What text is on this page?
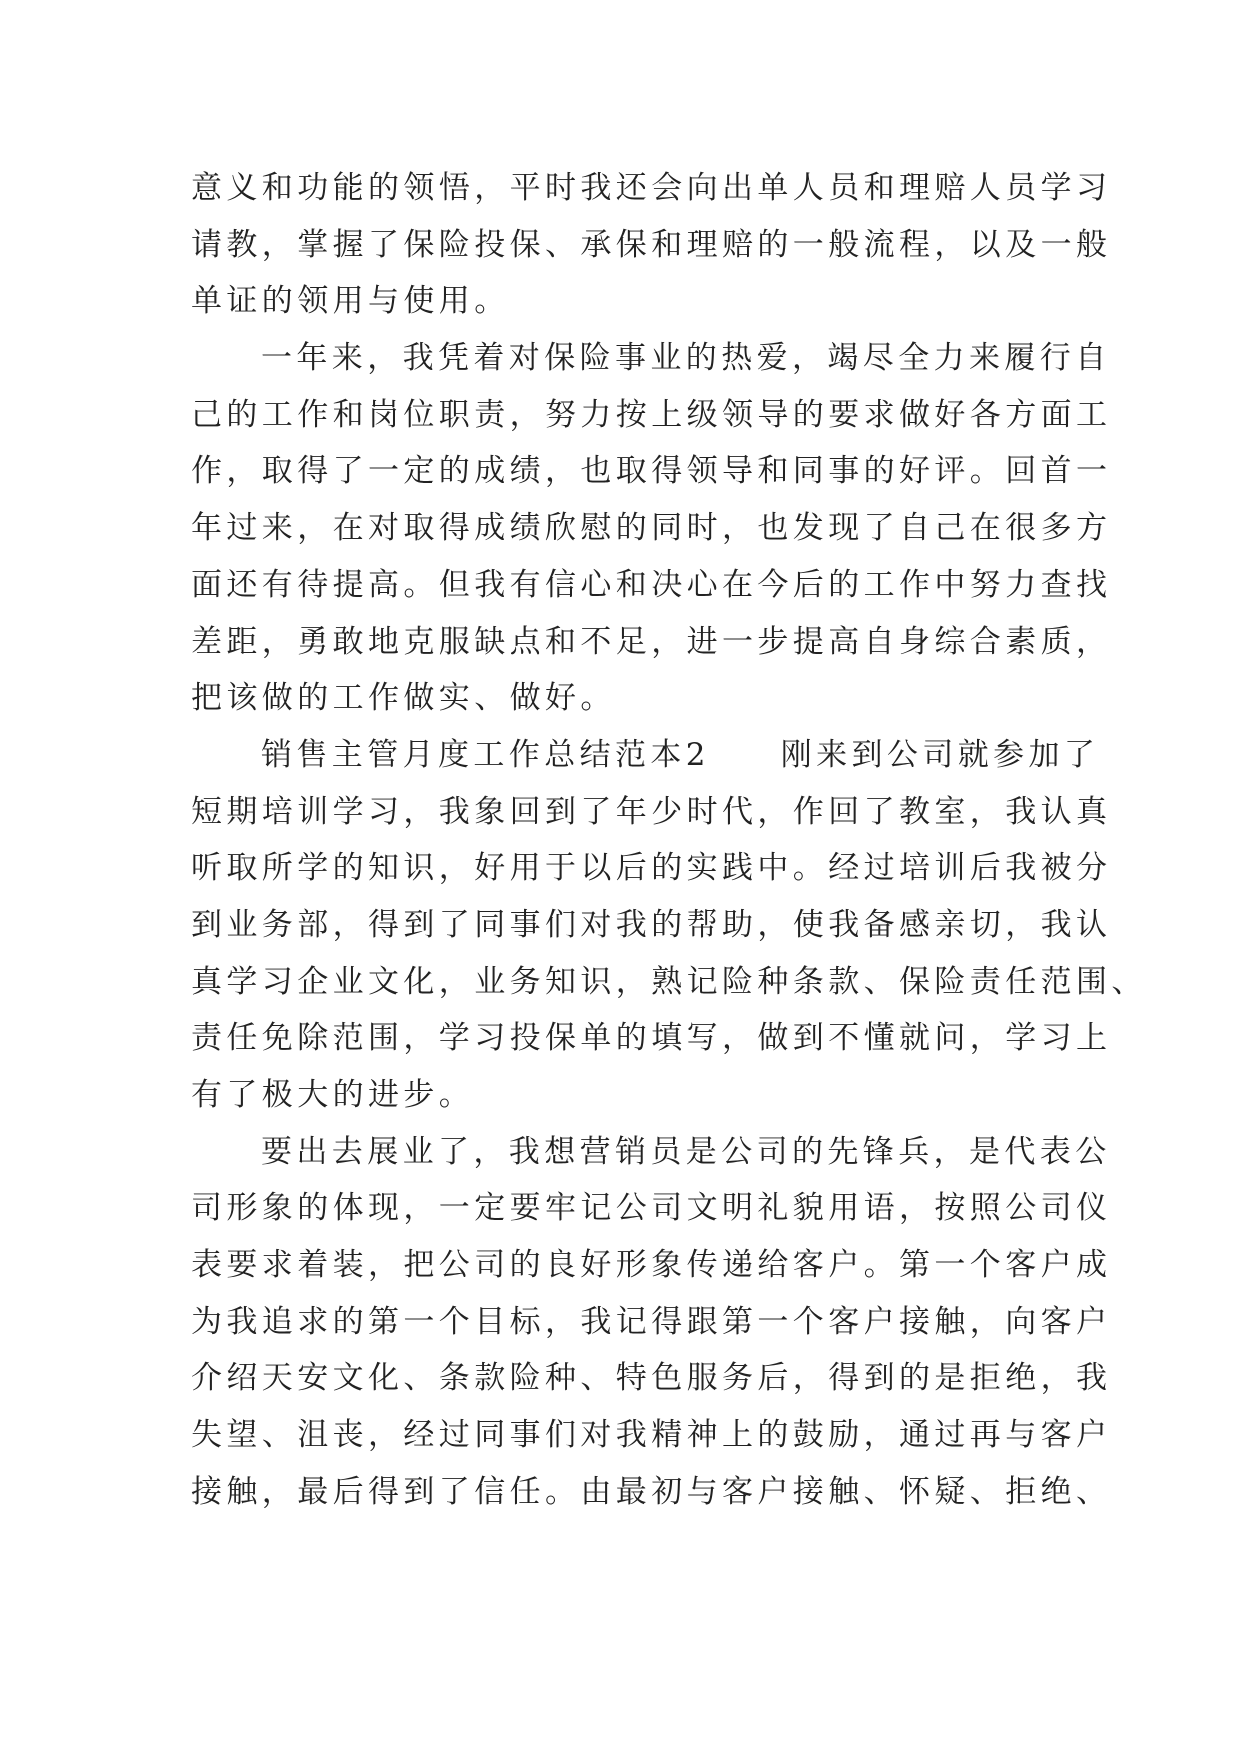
意义和功能的领悟，平时我还会向出单人员和理赔人员学习
请教，掌握了保险投保、承保和理赔的一般流程，以及一般
单证的领用与使用。
一年来，我凭着对保险事业的热爱，竭尽全力来履行自
己的工作和岗位职责，努力按上级领导的要求做好各方面工
作，取得了一定的成绩，也取得领导和同事的好评。回首一
年过来，在对取得成绩欣慰的同时，也发现了自己在很多方
面还有待提高。但我有信心和决心在今后的工作中努力查找
差距，勇敢地克服缺点和不足，进一步提高自身综合素质，
把该做的工作做实、做好。
销售主管月度工作总结范本2　　刚来到公司就参加了
短期培训学习，我象回到了年少时代，作回了教室，我认真
听取所学的知识，好用于以后的实践中。经过培训后我被分
到业务部，得到了同事们对我的帮助，使我备感亲切，我认
真学习企业文化，业务知识，熟记险种条款、保险责任范围、
责任免除范围，学习投保单的填写，做到不懂就问，学习上
有了极大的进步。
要出去展业了，我想营销员是公司的先锋兵，是代表公
司形象的体现，一定要牢记公司文明礼貌用语，按照公司仪
表要求着装，把公司的良好形象传递给客户。第一个客户成
为我追求的第一个目标，我记得跟第一个客户接触，向客户
介绍天安文化、条款险种、特色服务后，得到的是拒绝，我
失望、沮丧，经过同事们对我精神上的鼓励，通过再与客户
接触，最后得到了信任。由最初与客户接触、怀疑、拒绝、
